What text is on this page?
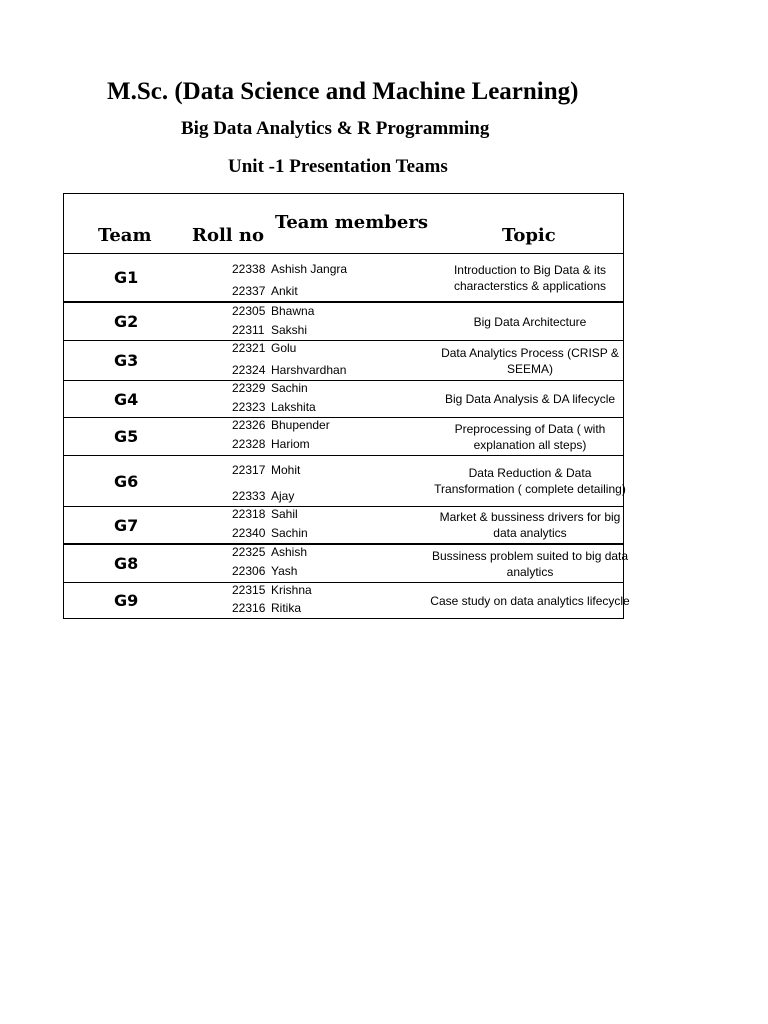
M.Sc. (Data Science and Machine Learning)
Big Data Analytics & R Programming
Unit -1 Presentation Teams
Team Roll no
Team members
Topic
G1	22338 Ashish Jangra
22337 Ankit
Introduction to Big Data & its characterstics & applications
G2
22305 Bhawna
22311 Sakshi
Big Data Architecture
G3
22321 Golu
22324 Harshvardhan
Data Analytics Process (CRISP & SEEMA)
G4
22329 Sachin
22323 Lakshita
Big Data Analysis & DA lifecycle
G5
22326 Bhupender
22328 Hariom
Preprocessing of Data ( with explanation all steps)
G6
22317 Mohit
22333 Ajay
Data Reduction & Data Transformation ( complete detailing)
G7
22318 Sahil
22340 Sachin
Market & bussiness drivers for big data analytics
G8
22325 Ashish
22306 Yash
Bussiness problem suited to big data analytics
G9
22315 Krishna
22316 Ritika
Case study on data analytics lifecycle
